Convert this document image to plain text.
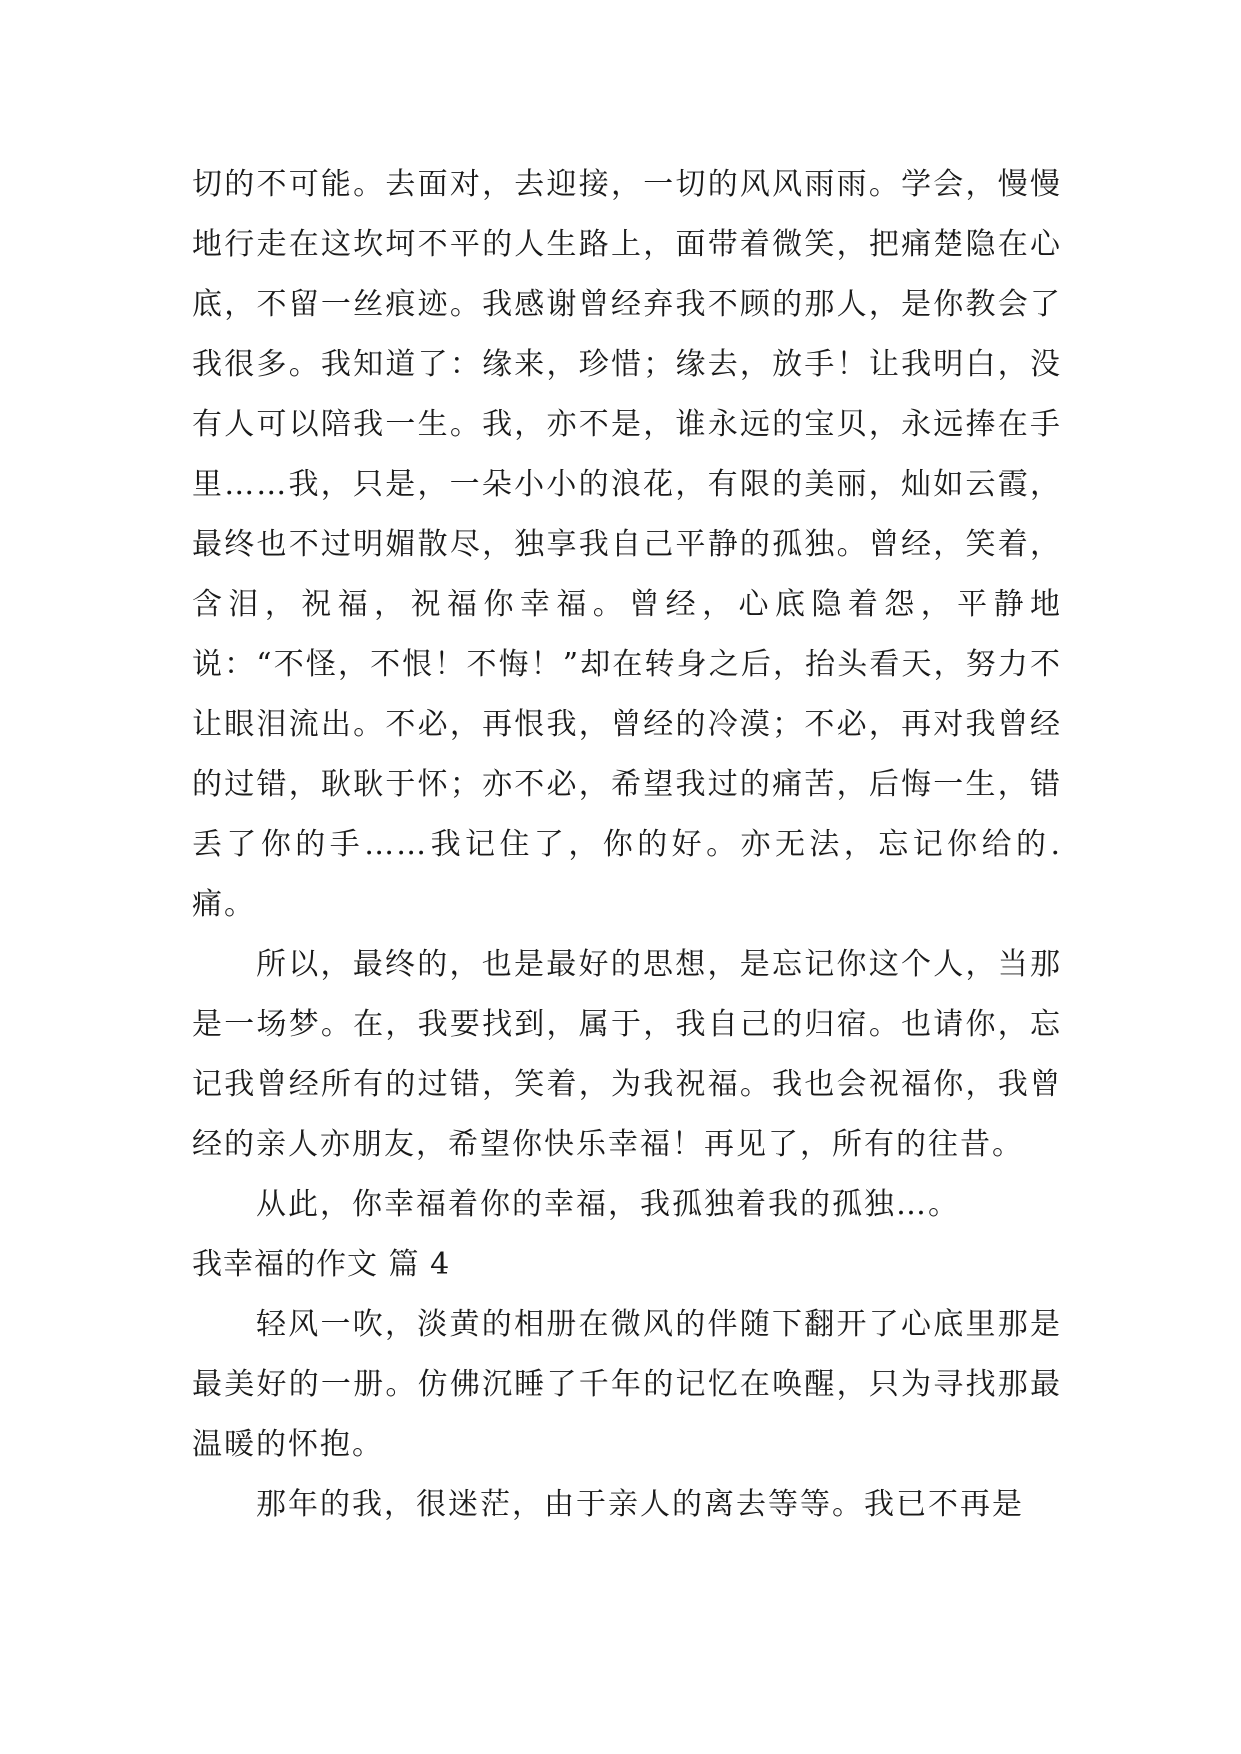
切的不可能。去面对，去迎接，一切的风风雨雨。学会，慢慢地行走在这坎坷不平的人生路上，面带着微笑，把痛楚隐在心底，不留一丝痕迹。我感谢曾经弃我不顾的那人，是你教会了我很多。我知道了：缘来，珍惜；缘去，放手！让我明白，没有人可以陪我一生。我，亦不是，谁永远的宝贝，永远捧在手里……我，只是，一朵小小的浪花，有限的美丽，灿如云霞，最终也不过明媚散尽，独享我自己平静的孤独。曾经，笑着，含泪，祝福，祝福你幸福。曾经，心底隐着怨，平静地说：“不怪，不恨！不悔！”却在转身之后，抬头看天，努力不让眼泪流出。不必，再恨我，曾经的冷漠；不必，再对我曾经的过错，耿耿于怀；亦不必，希望我过的痛苦，后悔一生，错丢了你的手……我记住了，你的好。亦无法，忘记你给的.痛。

所以，最终的，也是最好的思想，是忘记你这个人，当那是一场梦。在，我要找到，属于，我自己的归宿。也请你，忘记我曾经所有的过错，笑着，为我祝福。我也会祝福你，我曾经的亲人亦朋友，希望你快乐幸福！再见了，所有的往昔。

从此，你幸福着你的幸福，我孤独着我的孤独…。

我幸福的作文 篇 4

轻风一吹，淡黄的相册在微风的伴随下翻开了心底里那是最美好的一册。仿佛沉睡了千年的记忆在唤醒，只为寻找那最温暖的怀抱。

那年的我，很迷茫，由于亲人的离去等等。我已不再是
